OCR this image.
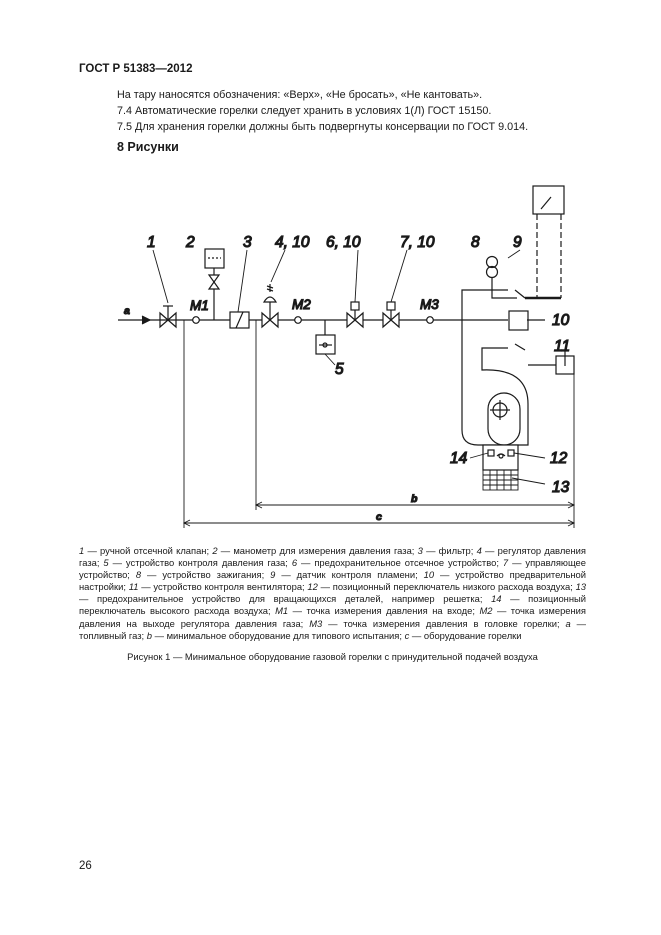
ГОСТ Р 51383—2012
На тару наносятся обозначения: «Верх», «Не бросать», «Не кантовать».
7.4 Автоматические горелки следует хранить в условиях 1(Л) ГОСТ 15150.
7.5 Для хранения горелки должны быть подвергнуты консервации по ГОСТ 9.014.
8 Рисунки
1 2	3 4, 10 6, 10	7, 10 8 9
5
10
11
12
13
14
M1	M2	M3
a
b
c
1 — ручной отсечной клапан; 2 — манометр для измерения давления газа; 3 — фильтр; 4 — регулятор давления газа; 5 — устройство контроля давления газа; 6 — предохранительное отсечное устройство; 7 — управляющее устройство; 8 — устройство зажигания; 9 — датчик контроля пламени; 10 — устройство предварительной настройки; 11 — устройство контроля вентилятора; 12 — позиционный переключатель низкого расхода воздуха; 13 — предохранительное устройство для вращающихся деталей, например решетка; 14 — позиционный переключатель высокого расхода воздуха; M1 — точка измерения давления на входе; M2 — точка измерения давления на выходе регулятора давления газа; M3 — точка измерения давления в головке горелки; a — топливный газ; b — минимальное оборудование для типового испытания; c — оборудование горелки
Рисунок 1 — Минимальное оборудование газовой горелки с принудительной подачей воздуха
26
